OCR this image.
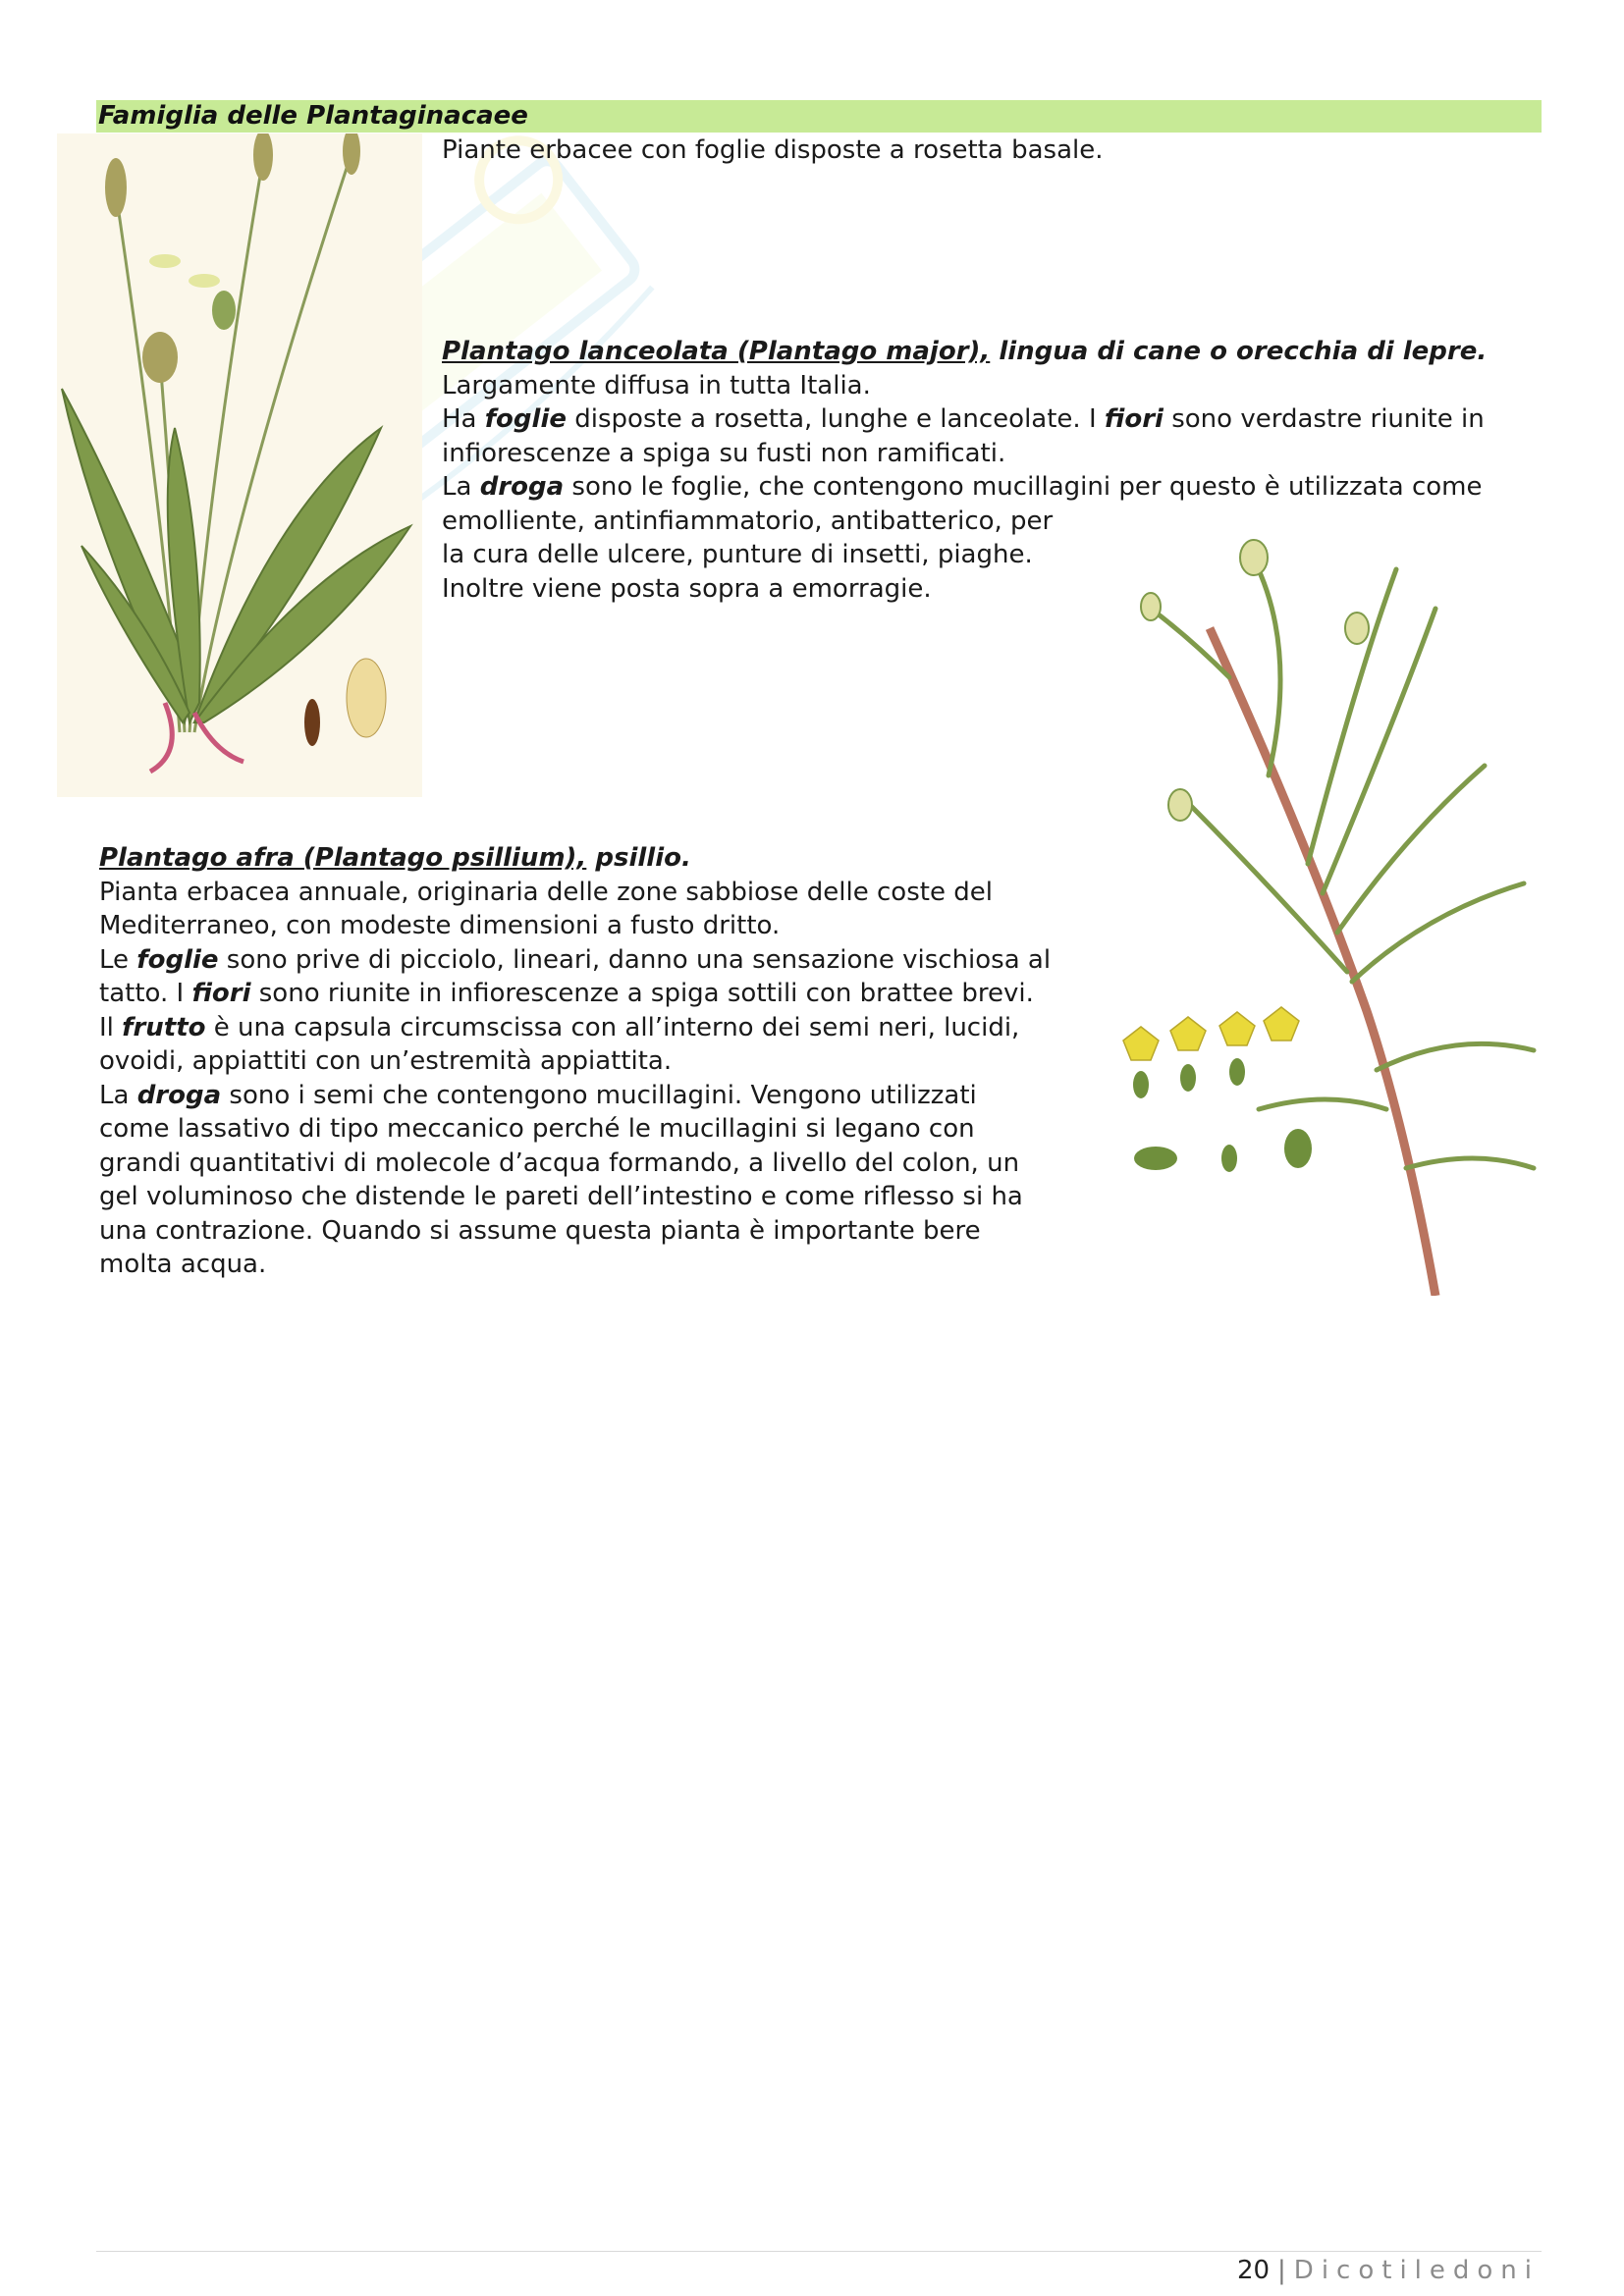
Famiglia delle Plantaginacaee
Piante erbacee con foglie disposte a rosetta basale.
Plantago lanceolata (Plantago major), lingua di cane o orecchia di lepre.
Largamente diffusa in tutta Italia.
Ha foglie disposte a rosetta, lunghe e lanceolate. I fiori sono verdastre riunite in
infiorescenze a spiga su fusti non ramificati.
La droga sono le foglie, che contengono mucillagini per questo è utilizzata come
emolliente, antinfiammatorio, antibatterico, per
la cura delle ulcere, punture di insetti, piaghe.
Inoltre viene posta sopra a emorragie.
Plantago afra (Plantago psillium), psillio.
Pianta erbacea annuale, originaria delle zone sabbiose delle coste del
Mediterraneo, con modeste dimensioni a fusto dritto.
Le foglie sono prive di picciolo, lineari, danno una sensazione vischiosa al
tatto. I fiori sono riunite in infiorescenze a spiga sottili con brattee brevi.
Il frutto è una capsula circumscissa con all’interno dei semi neri, lucidi,
ovoidi, appiattiti con un’estremità appiattita.
La droga sono i semi che contengono mucillagini. Vengono utilizzati
come lassativo di tipo meccanico perché le mucillagini si legano con
grandi quantitativi di molecole d’acqua formando, a livello del colon, un
gel voluminoso che distende le pareti dell’intestino e come riflesso si ha
una contrazione. Quando si assume questa pianta è importante bere
molta acqua.
20 | Dicotiledoni
